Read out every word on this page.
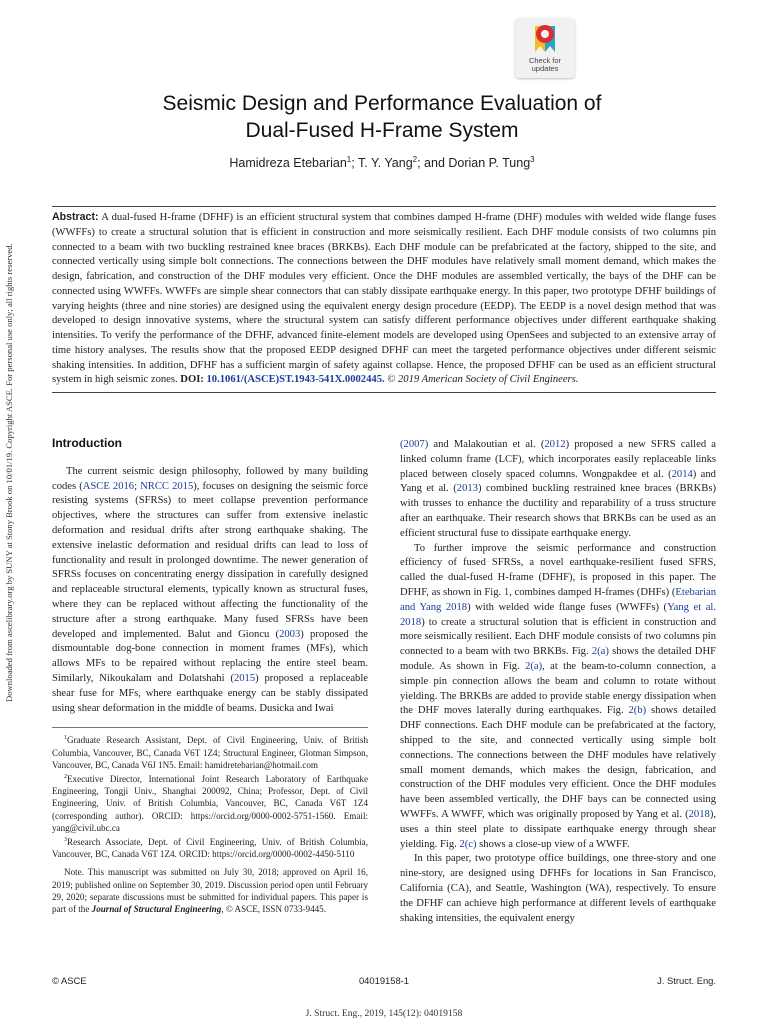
Downloaded from ascelibrary.org by SUNY at Stony Brook on 10/01/19. Copyright ASCE. For personal use only; all rights reserved.
Check for
updates
Seismic Design and Performance Evaluation of
Dual-Fused H-Frame System
Hamidreza Etebarian$^1$; T. Y. Yang$^2$; and Dorian P. Tung$^3$
Abstract: A dual-fused H-frame (DFHF) is an efficient structural system that combines damped H-frame (DHF) modules with welded wide flange fuses (WWFFs) to create a structural solution that is efficient in construction and more seismically resilient. Each DHF module consists of two columns pin connected to a beam with two buckling restrained knee braces (BRKBs). Each DHF module can be prefabricated at the factory, shipped to the site, and connected vertically using simple bolt connections. The connections between the DHF modules have relatively small moment demand, which makes the design, fabrication, and construction of the DHF modules very efficient. Once the DHF modules are assembled vertically, the bays of the DHF can be connected using WWFFs. WWFFs are simple shear connectors that can stably dissipate earthquake energy. In this paper, two prototype DFHF buildings of varying heights (three and nine stories) are designed using the equivalent energy design procedure (EEDP). The EEDP is a novel design method that was developed to design innovative systems, where the structural system can satisfy different performance objectives under different earthquake shaking intensities. To verify the performance of the DFHF, advanced finite-element models are developed using OpenSees and subjected to an extensive array of time history analyses. The results show that the proposed EEDP designed DFHF can meet the targeted performance objectives under different seismic shaking intensities. In addition, DFHF has a sufficient margin of safety against collapse. Hence, the proposed DFHF can be used as an efficient structural system in high seismic zones. DOI: 10.1061/(ASCE)ST.1943-541X.0002445. © 2019 American Society of Civil Engineers.
Introduction

The current seismic design philosophy, followed by many building codes (ASCE 2016; NRCC 2015), focuses on designing the seismic force resisting systems (SFRSs) to meet collapse prevention performance objectives, where the structures can suffer from extensive inelastic deformation and residual drifts after strong earthquake shaking. The extensive inelastic deformation and residual drifts can lead to loss of functionality and result in prolonged downtime. The newer generation of SFRSs focuses on concentrating energy dissipation in carefully designed and replaceable structural elements, typically known as structural fuses, where they can be replaced without affecting the functionality of the structure after a strong earthquake. Many fused SFRSs have been developed and implemented. Balut and Gioncu (2003) proposed the dismountable dog-bone connection in moment frames (MFs), which allows MFs to be repaired without replacing the entire steel beam. Similarly, Nikoukalam and Dolatshahi (2015) proposed a replaceable shear fuse for MFs, where earthquake energy can be stably dissipated using shear deformation in the middle of beams. Dusicka and Iwai

$^1$Graduate Research Assistant, Dept. of Civil Engineering, Univ. of British Columbia, Vancouver, BC, Canada V6T 1Z4; Structural Engineer, Glotman Simpson, Vancouver, BC, Canada V6J 1N5. Email: hamidretebarian@hotmail.com

$^2$Executive Director, International Joint Research Laboratory of Earthquake Engineering, Tongji Univ., Shanghai 200092, China; Professor, Dept. of Civil Engineering, Univ. of British Columbia, Vancouver, BC, Canada V6T 1Z4 (corresponding author). ORCID: https://orcid.org/0000-0002-5751-1560. Email: yang@civil.ubc.ca

$^3$Research Associate, Dept. of Civil Engineering, Univ. of British Columbia, Vancouver, BC, Canada V6T 1Z4. ORCID: https://orcid.org/0000-0002-4450-5110

Note. This manuscript was submitted on July 30, 2018; approved on April 16, 2019; published online on September 30, 2019. Discussion period open until February 29, 2020; separate discussions must be submitted for individual papers. This paper is part of the Journal of Structural Engineering, © ASCE, ISSN 0733-9445.

(2007) and Malakoutian et al. (2012) proposed a new SFRS called a linked column frame (LCF), which incorporates easily replaceable links placed between closely spaced columns. Wongpakdee et al. (2014) and Yang et al. (2013) combined buckling restrained knee braces (BRKBs) with trusses to enhance the ductility and reparability of a truss structure after an earthquake. Their research shows that BRKBs can be used as an efficient structural fuse to dissipate earthquake energy.

To further improve the seismic performance and construction efficiency of fused SFRSs, a novel earthquake-resilient fused SFRS, called the dual-fused H-frame (DFHF), is proposed in this paper. The DFHF, as shown in Fig. 1, combines damped H-frames (DHFs) (Etebarian and Yang 2018) with welded wide flange fuses (WWFFs) (Yang et al. 2018) to create a structural solution that is efficient in construction and more seismically resilient. Each DHF module consists of two columns pin connected to a beam with two BRKBs. Fig. 2(a) shows the detailed DHF module. As shown in Fig. 2(a), at the beam-to-column connection, a simple pin connection allows the beam and column to rotate without yielding. The BRKBs are added to provide stable energy dissipation when the DHF moves laterally during earthquakes. Fig. 2(b) shows detailed DHF connections. Each DHF module can be prefabricated at the factory, shipped to the site, and connected vertically using simple bolt connections. The connections between the DHF modules have relatively small moment demands, which makes the design, fabrication, and construction of the DHF modules very efficient. Once the DHF modules have been assembled vertically, the DHF bays can be connected using WWFFs. A WWFF, which was originally proposed by Yang et al. (2018), uses a thin steel plate to dissipate earthquake energy through shear yielding. Fig. 2(c) shows a close-up view of a WWFF.

In this paper, two prototype office buildings, one three-story and one nine-story, are designed using DFHFs for locations in San Francisco, California (CA), and Seattle, Washington (WA), respectively. To ensure the DFHF can achieve high performance at different levels of earthquake shaking intensities, the equivalent energy

© ASCE	04019158-1	J. Struct. Eng.
J. Struct. Eng., 2019, 145(12): 04019158
